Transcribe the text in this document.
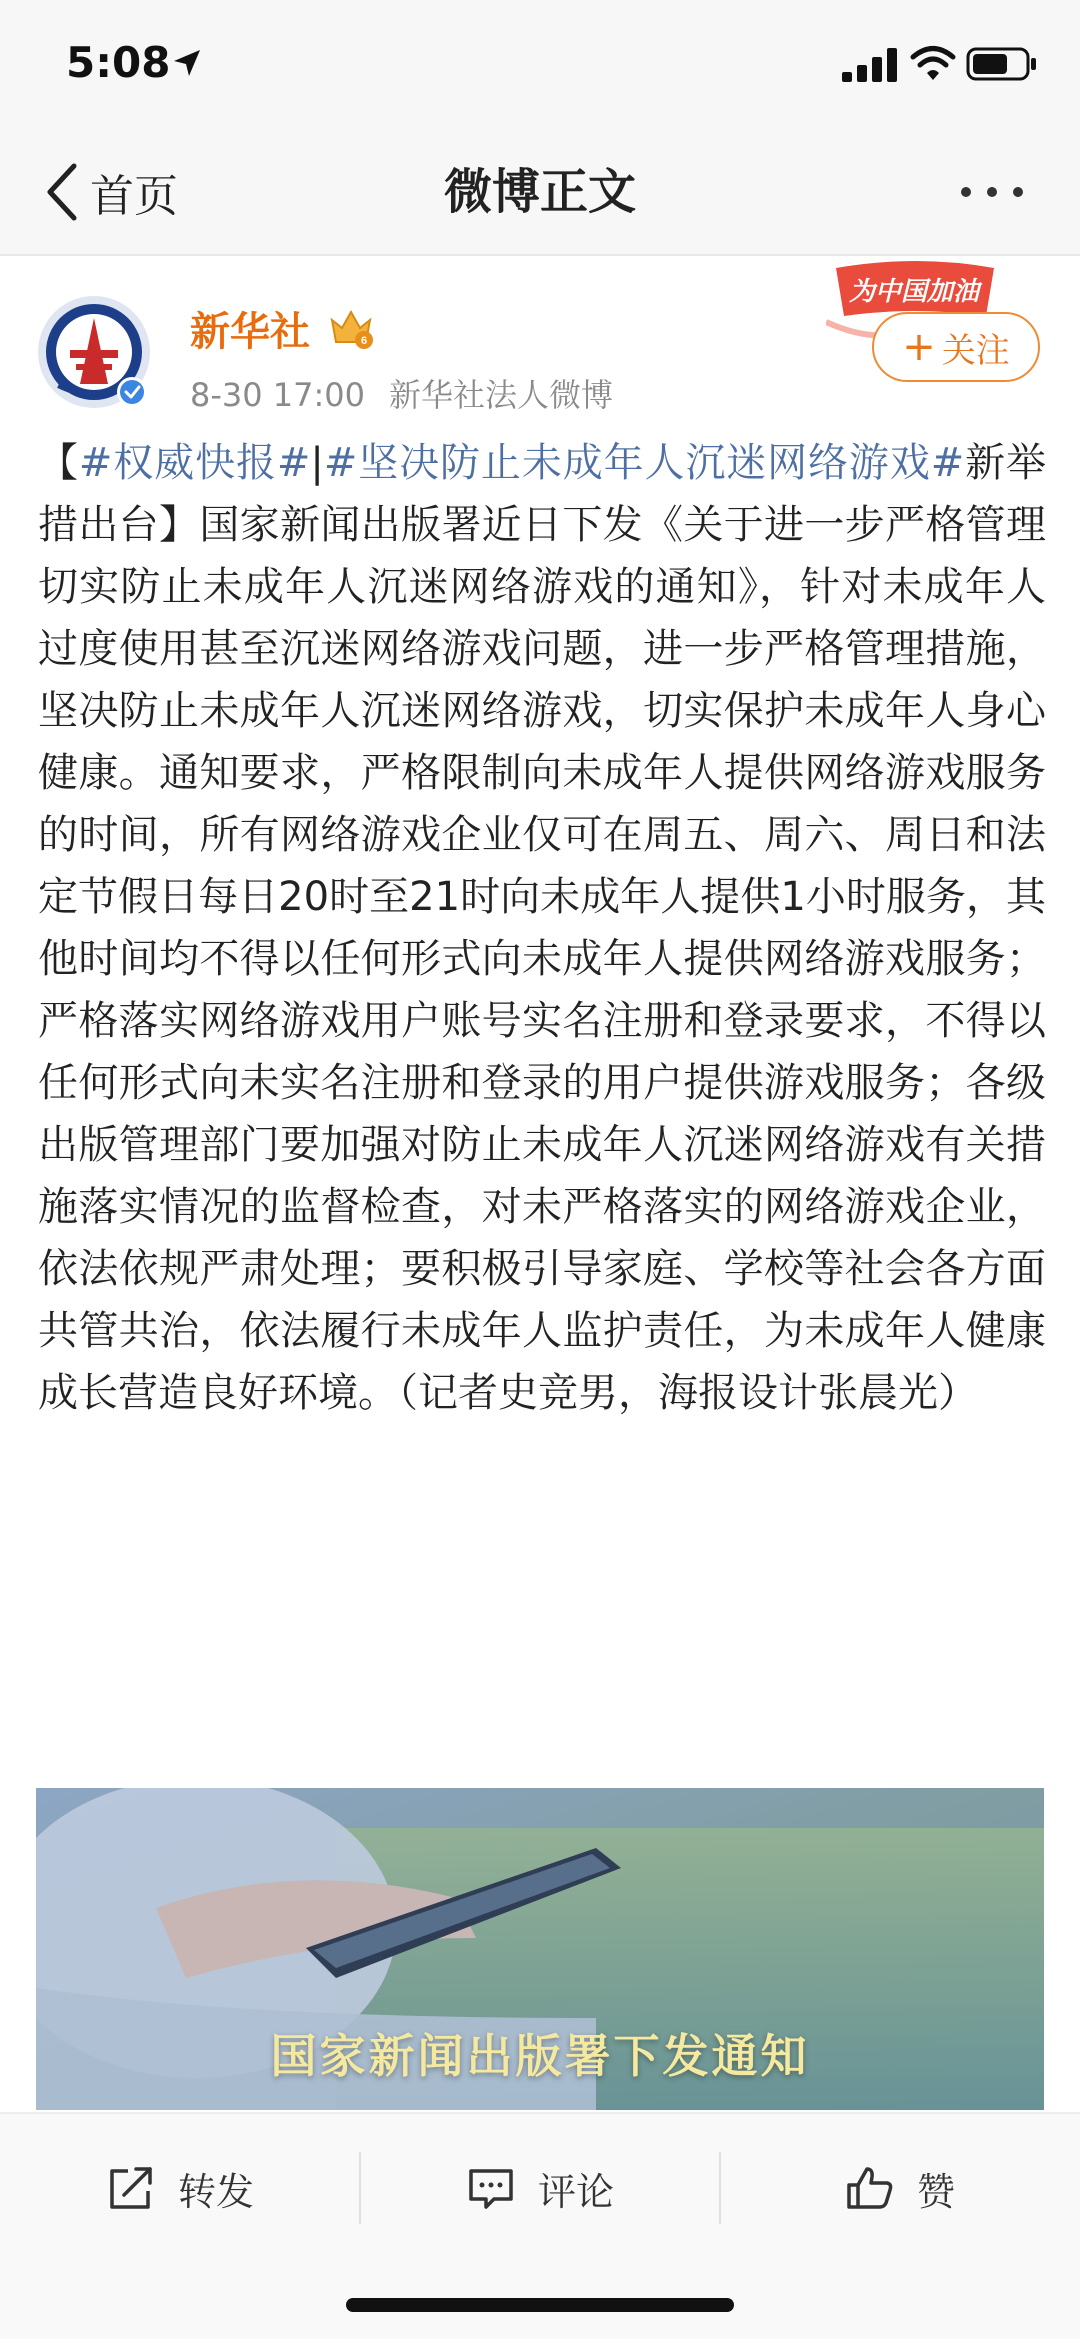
5:08
首页	微博正文
新华社	6
8-30 17:00 新华社法人微博
为中国加油
+ 关注
【#权威快报#|#坚决防止未成年人沉迷网络游戏#新举措出台】国家新闻出版署近日下发《关于进一步严格管理 切实防止未成年人沉迷网络游戏的通知》，针对未成年人过度使用甚至沉迷网络游戏问题，进一步严格管理措施，坚决防止未成年人沉迷网络游戏，切实保护未成年人身心健康。通知要求，严格限制向未成年人提供网络游戏服务的时间，所有网络游戏企业仅可在周五、周六、周日和法定节假日每日20时至21时向未成年人提供1小时服务，其他时间均不得以任何形式向未成年人提供网络游戏服务；严格落实网络游戏用户账号实名注册和登录要求，不得以任何形式向未实名注册和登录的用户提供游戏服务；各级出版管理部门要加强对防止未成年人沉迷网络游戏有关措施落实情况的监督检查，对未严格落实的网络游戏企业，依法依规严肃处理；要积极引导家庭、学校等社会各方面共管共治，依法履行未成年人监护责任，为未成年人健康成长营造良好环境。（记者史竞男，海报设计张晨光）
国家新闻出版署下发通知
转发	评论	赞
